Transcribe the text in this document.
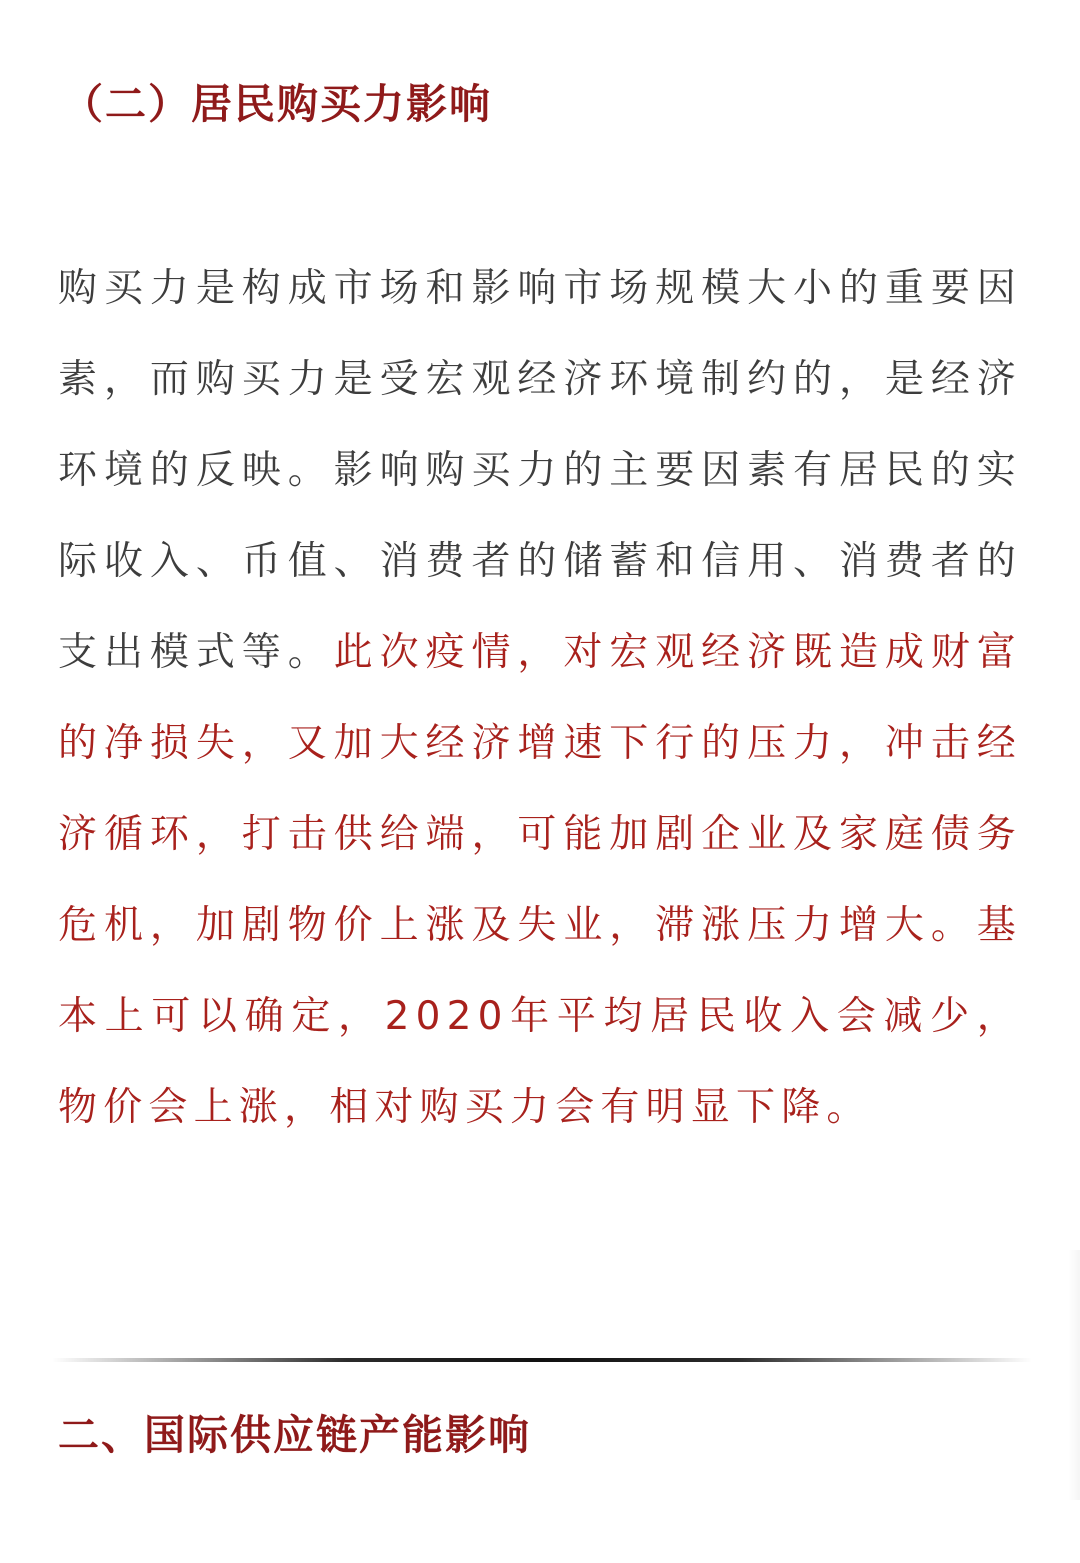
（二）居民购买力影响

购买力是构成市场和影响市场规模大小的重要因素，而购买力是受宏观经济环境制约的，是经济环境的反映。影响购买力的主要因素有居民的实际收入、币值、消费者的储蓄和信用、消费者的支出模式等。此次疫情，对宏观经济既造成财富的净损失，又加大经济增速下行的压力，冲击经济循环，打击供给端，可能加剧企业及家庭债务危机，加剧物价上涨及失业，滞涨压力增大。基本上可以确定，2020年平均居民收入会减少，物价会上涨，相对购买力会有明显下降。

二、国际供应链产能影响
